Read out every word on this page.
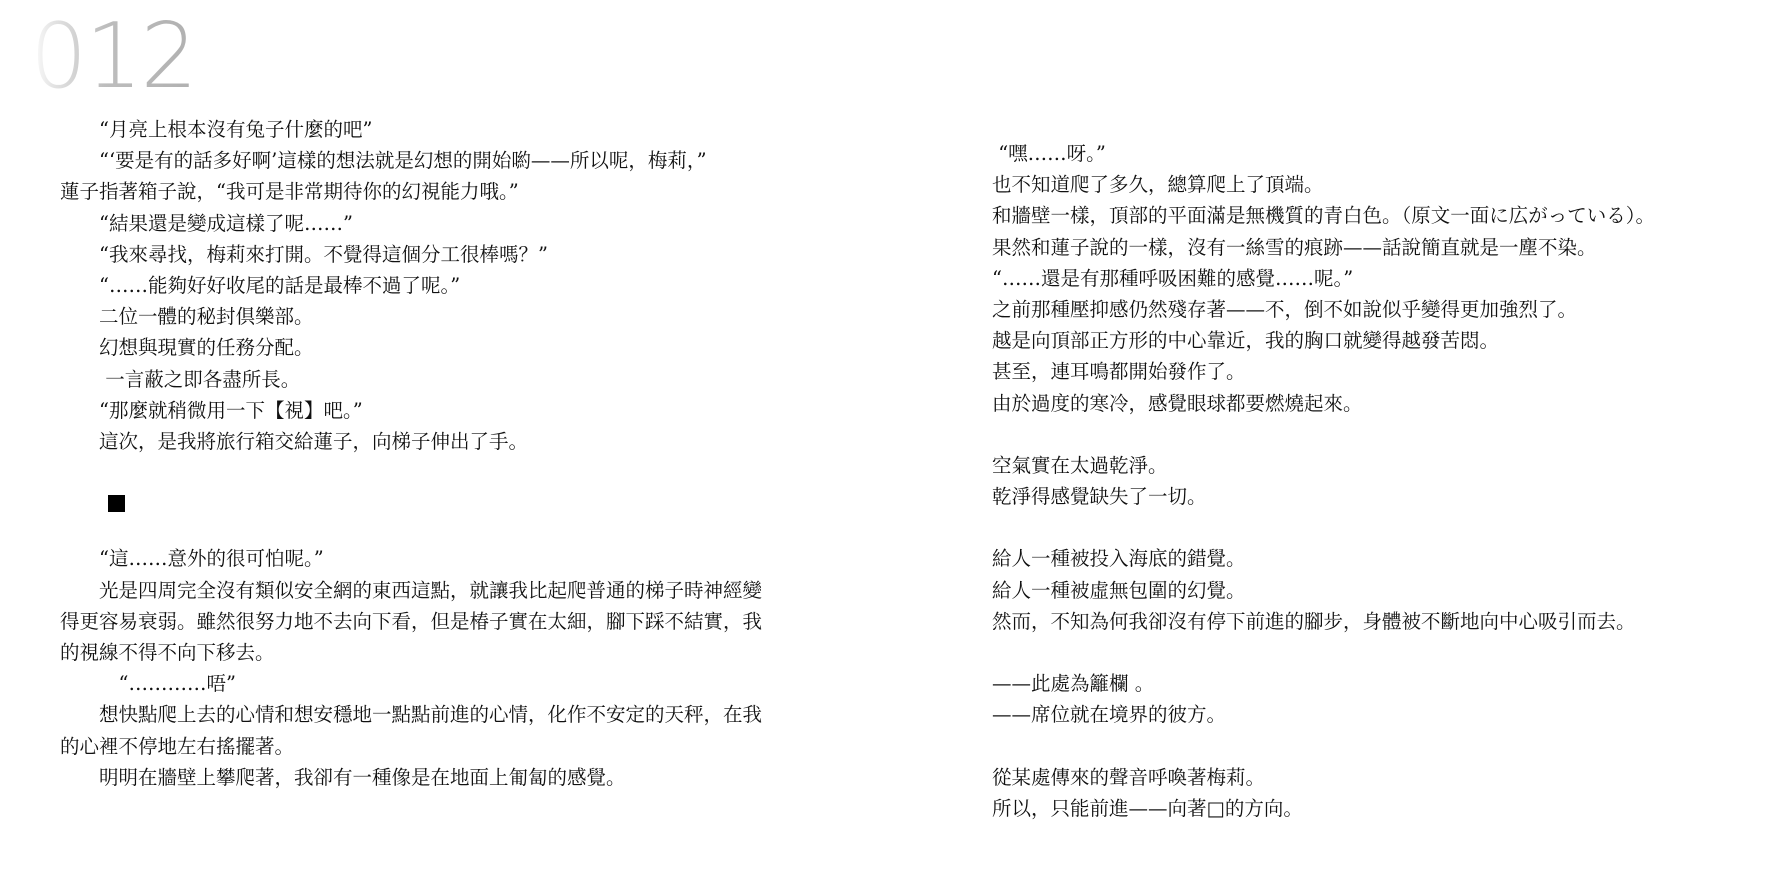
012
　　“月亮上根本沒有兔子什麼的吧”
　　“‘要是有的話多好啊’這樣的想法就是幻想的開始喲——所以呢，梅莉，”
蓮子指著箱子說，“我可是非常期待你的幻視能力哦。”
　　“結果還是變成這樣了呢……”
　　“我來尋找，梅莉來打開。不覺得這個分工很棒嗎？”
　　“……能夠好好收尾的話是最棒不過了呢。”
　　二位一體的秘封倶樂部。
　　幻想與現實的任務分配。
　　 一言蔽之即各盡所長。
　　“那麼就稍微用一下【視】吧。”
　　這次，是我將旅行箱交給蓮子，向梯子伸出了手。
　　“這……意外的很可怕呢。”
　　光是四周完全沒有類似安全網的東西這點，就讓我比起爬普通的梯子時神經變
得更容易衰弱。雖然很努力地不去向下看，但是椿子實在太細，腳下踩不結實，我
的視線不得不向下移去。
　　　“…………唔”
　　想快點爬上去的心情和想安穩地一點點前進的心情，化作不安定的天秤，在我
的心裡不停地左右搖擺著。
　　明明在牆壁上攀爬著，我卻有一種像是在地面上匍匐的感覺。
“嘿……呀。”
也不知道爬了多久，總算爬上了頂端。
和牆壁一樣，頂部的平面滿是無機質的青白色。（原文一面に広がっている）。
果然和蓮子說的一樣，沒有一絲雪的痕跡——話說簡直就是一塵不染。
“……還是有那種呼吸困難的感覺……呢。”
之前那種壓抑感仍然殘存著——不，倒不如說似乎變得更加強烈了。
越是向頂部正方形的中心靠近，我的胸口就變得越發苦悶。
甚至，連耳鳴都開始發作了。
由於過度的寒冷，感覺眼球都要燃燒起來。
空氣實在太過乾淨。
乾淨得感覺缺失了一切。
給人一種被投入海底的錯覺。
給人一種被虛無包圍的幻覺。
然而，不知為何我卻沒有停下前進的腳步，身體被不斷地向中心吸引而去。
——此處為籬欄 。
——席位就在境界的彼方。
從某處傳來的聲音呼喚著梅莉。
所以，只能前進——向著□的方向。
